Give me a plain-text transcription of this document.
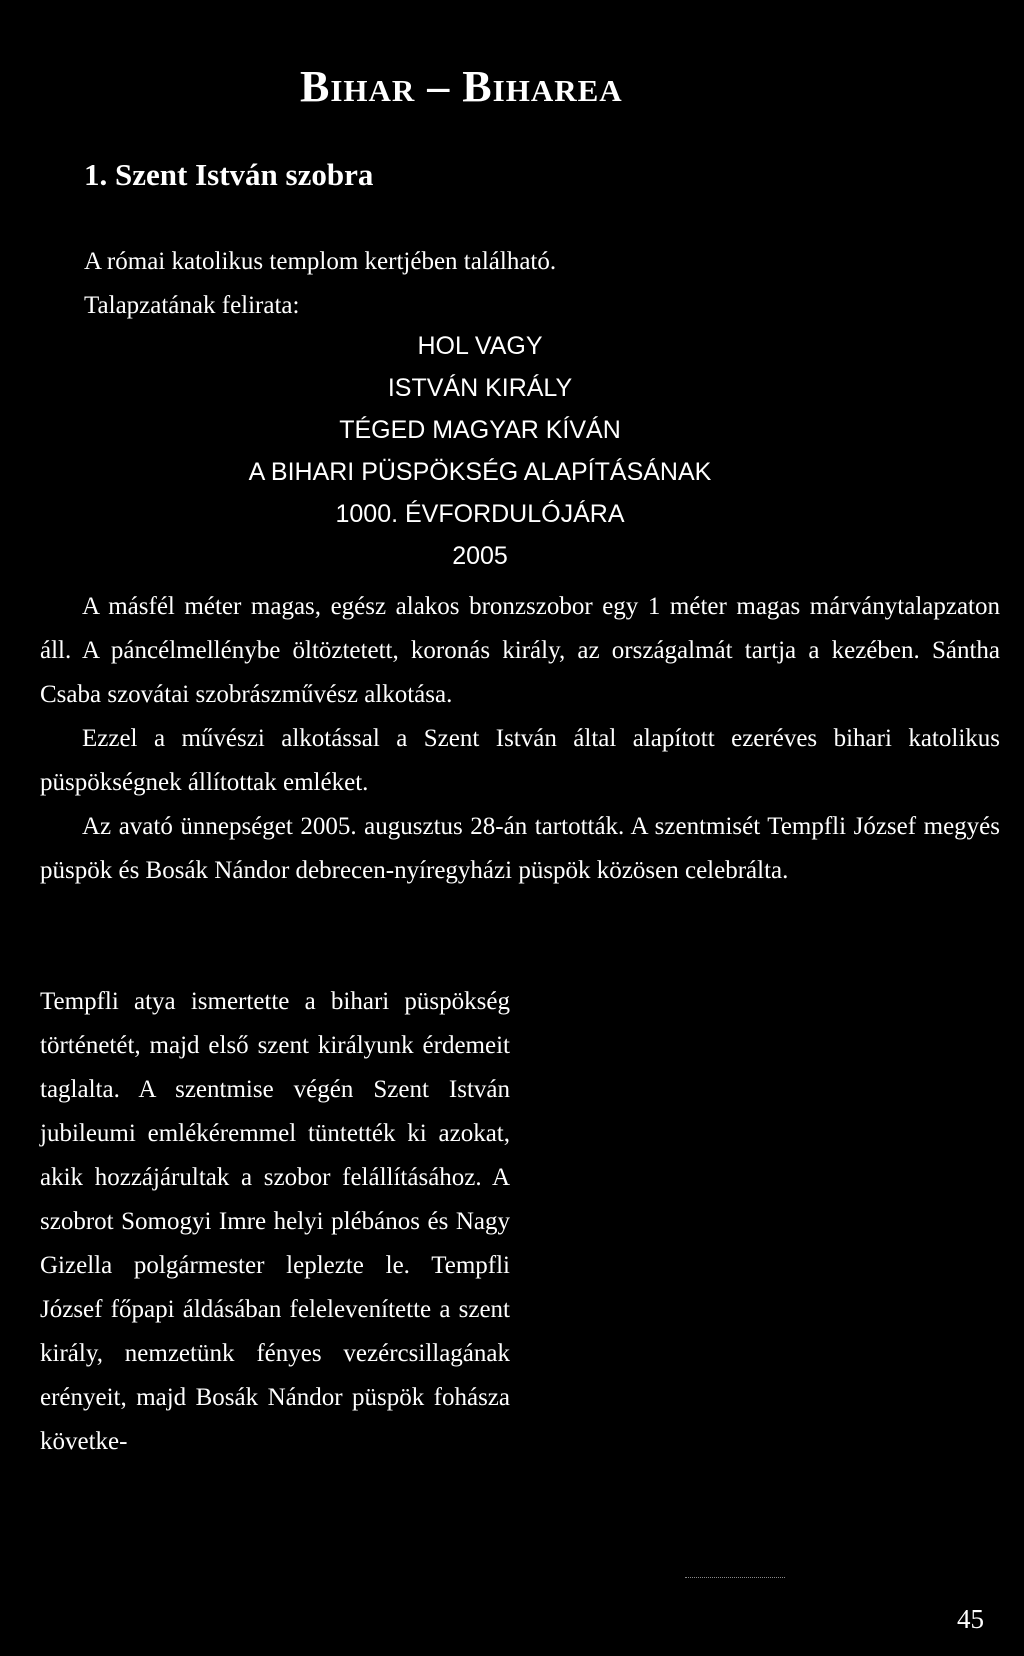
Bihar – Biharea
1. Szent István szobra
A római katolikus templom kertjében található.
Talapzatának felirata:
HOL VAGY
ISTVÁN KIRÁLY
TÉGED MAGYAR KÍVÁN
A BIHARI PÜSPÖKSÉG ALAPÍTÁSÁNAK
1000. ÉVFORDULÓJÁRA
2005

A másfél méter magas, egész alakos bronzszobor egy 1 méter magas márványtalapzaton áll. A páncélmellénybe öltöztetett, koronás király, az országalmát tartja a kezében. Sántha Csaba szovátai szobrászművész alkotása.

Ezzel a művészi alkotással a Szent István által alapított ezeréves bihari katolikus püspökségnek állítottak emléket.

Az avató ünnepséget 2005. augusztus 28-án tartották. A szentmisét Tempfli József megyés püspök és Bosák Nándor debrecen-nyíregyházi püspök közösen celebrálta.

Tempfli atya ismertette a bihari püspökség történetét, majd első szent királyunk érdemeit taglalta. A szentmise végén Szent István jubileumi emlékéremmel tüntették ki azokat, akik hozzájárultak a szobor felállításához. A szobrot Somogyi Imre helyi plébános és Nagy Gizella polgármester leplezte le. Tempfli József főpapi áldásában felelevenítette a szent király, nemzetünk fényes vezércsillagának erényeit, majd Bosák Nándor püspök fohásza követke-

45
